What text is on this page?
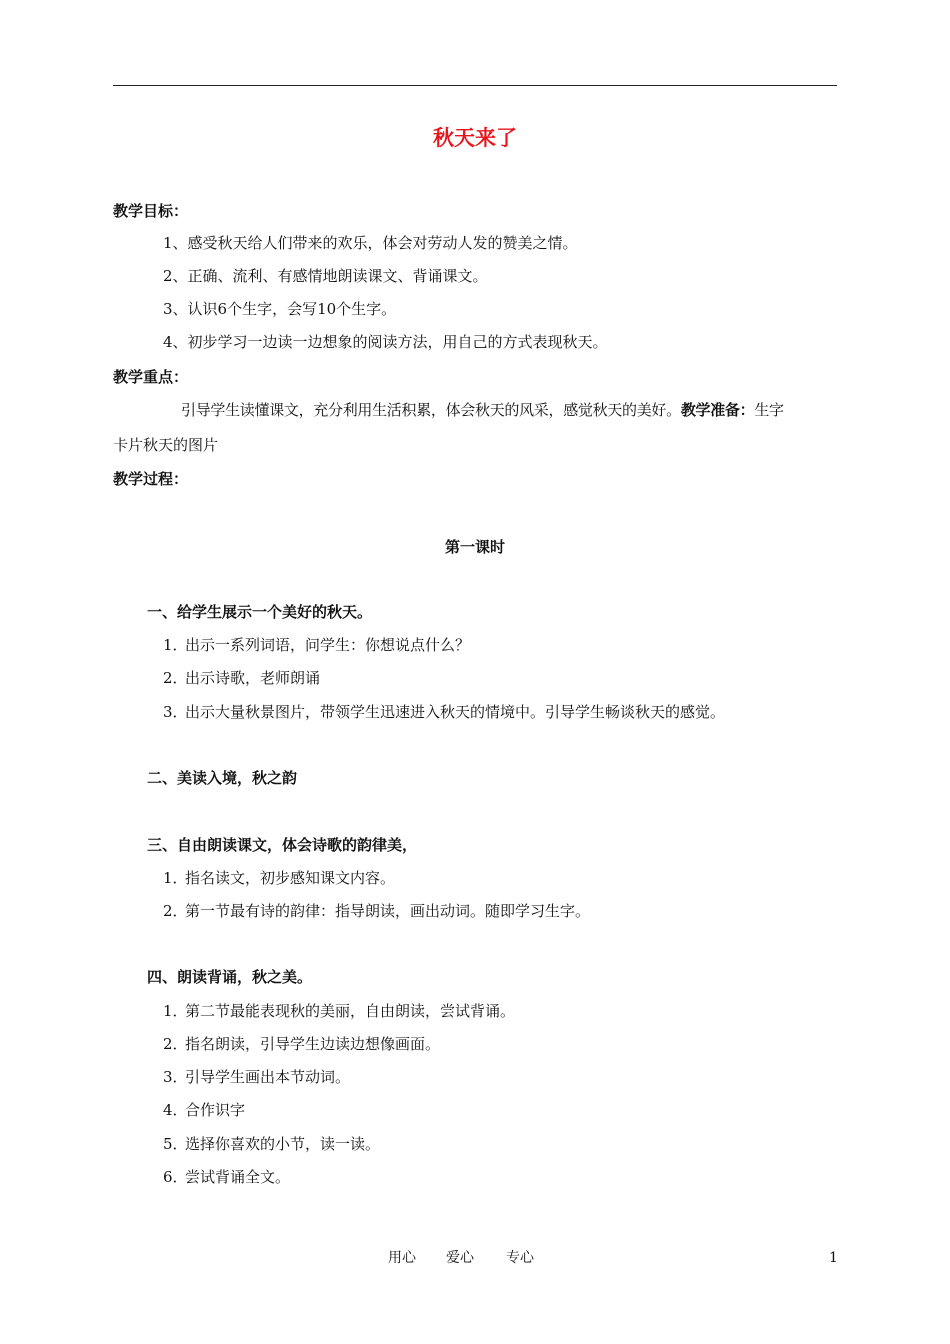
秋天来了
教学目标：
1、感受秋天给人们带来的欢乐，体会对劳动人发的赞美之情。
2、正确、流利、有感情地朗读课文、背诵课文。
3、认识6个生字，会写10个生字。
4、初步学习一边读一边想象的阅读方法，用自己的方式表现秋天。
教学重点：
引导学生读懂课文，充分利用生活积累，体会秋天的风采，感觉秋天的美好。教学准备：生字
卡片秋天的图片
教学过程：
第一课时
一、给学生展示一个美好的秋天。
1．出示一系列词语，问学生：你想说点什么？
2．出示诗歌，老师朗诵
3．出示大量秋景图片，带领学生迅速进入秋天的情境中。引导学生畅谈秋天的感觉。
二、美读入境，秋之韵
三、自由朗读课文，体会诗歌的韵律美，
1．指名读文，初步感知课文内容。
2．第一节最有诗的韵律：指导朗读，画出动词。随即学习生字。
四、朗读背诵，秋之美。
1．第二节最能表现秋的美丽，自由朗读，尝试背诵。
2．指名朗读，引导学生边读边想像画面。
3．引导学生画出本节动词。
4．合作识字
5．选择你喜欢的小节，读一读。
6．尝试背诵全文。
用心 爱心 专心	1
